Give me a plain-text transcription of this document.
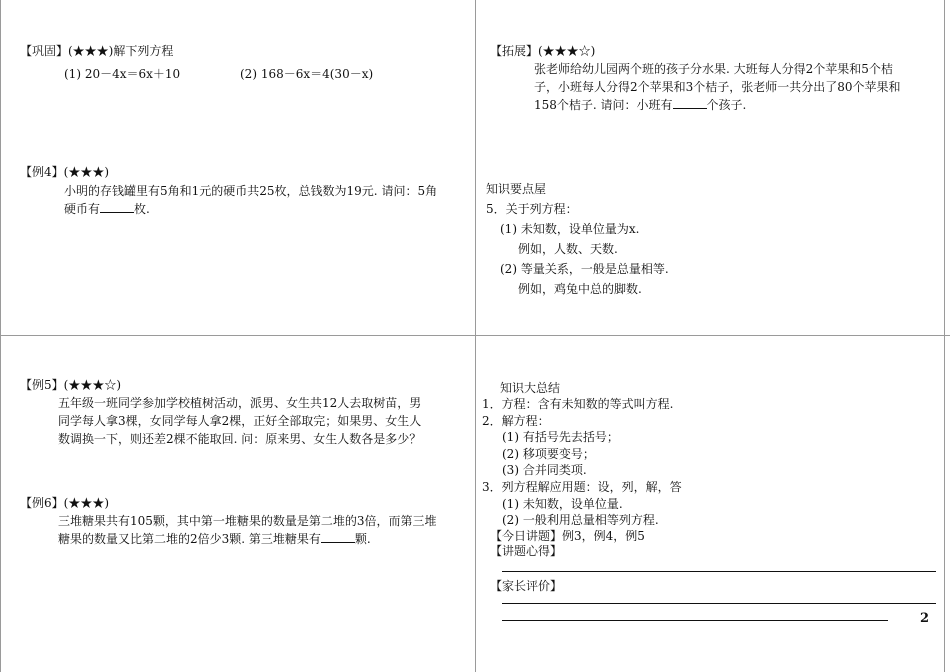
【巩固】(★★★)解下列方程
(1) 20－4x＝6x＋10	(2) 168－6x＝4(30－x)
【例4】(★★★)
小明的存钱罐里有5角和1元的硬币共25枚，总钱数为19元. 请问：5角
硬币有	枚.
【拓展】(★★★☆)
张老师给幼儿园两个班的孩子分水果. 大班每人分得2个苹果和5个桔
子，小班每人分得2个苹果和3个桔子，张老师一共分出了80个苹果和
158个桔子. 请问：小班有	个孩子.
知识要点屋
5．关于列方程：
(1) 未知数，设单位量为x.
例如，人数、天数.
(2) 等量关系，一般是总量相等.
例如，鸡兔中总的脚数.
【例5】(★★★☆)
五年级一班同学参加学校植树活动，派男、女生共12人去取树苗，男
同学每人拿3棵，女同学每人拿2棵，正好全部取完；如果男、女生人
数调换一下，则还差2棵不能取回. 问：原来男、女生人数各是多少？
【例6】(★★★)
三堆糖果共有105颗，其中第一堆糖果的数量是第二堆的3倍，而第三堆
糖果的数量又比第二堆的2倍少3颗. 第三堆糖果有	颗.
知识大总结
1．方程：含有未知数的等式叫方程.
2．解方程：
(1) 有括号先去括号；
(2) 移项要变号；
(3) 合并同类项.
3．列方程解应用题：设，列，解，答
(1) 未知数，设单位量.
(2) 一般利用总量相等列方程.
【今日讲题】例3，例4，例5
【讲题心得】
【家长评价】
2
